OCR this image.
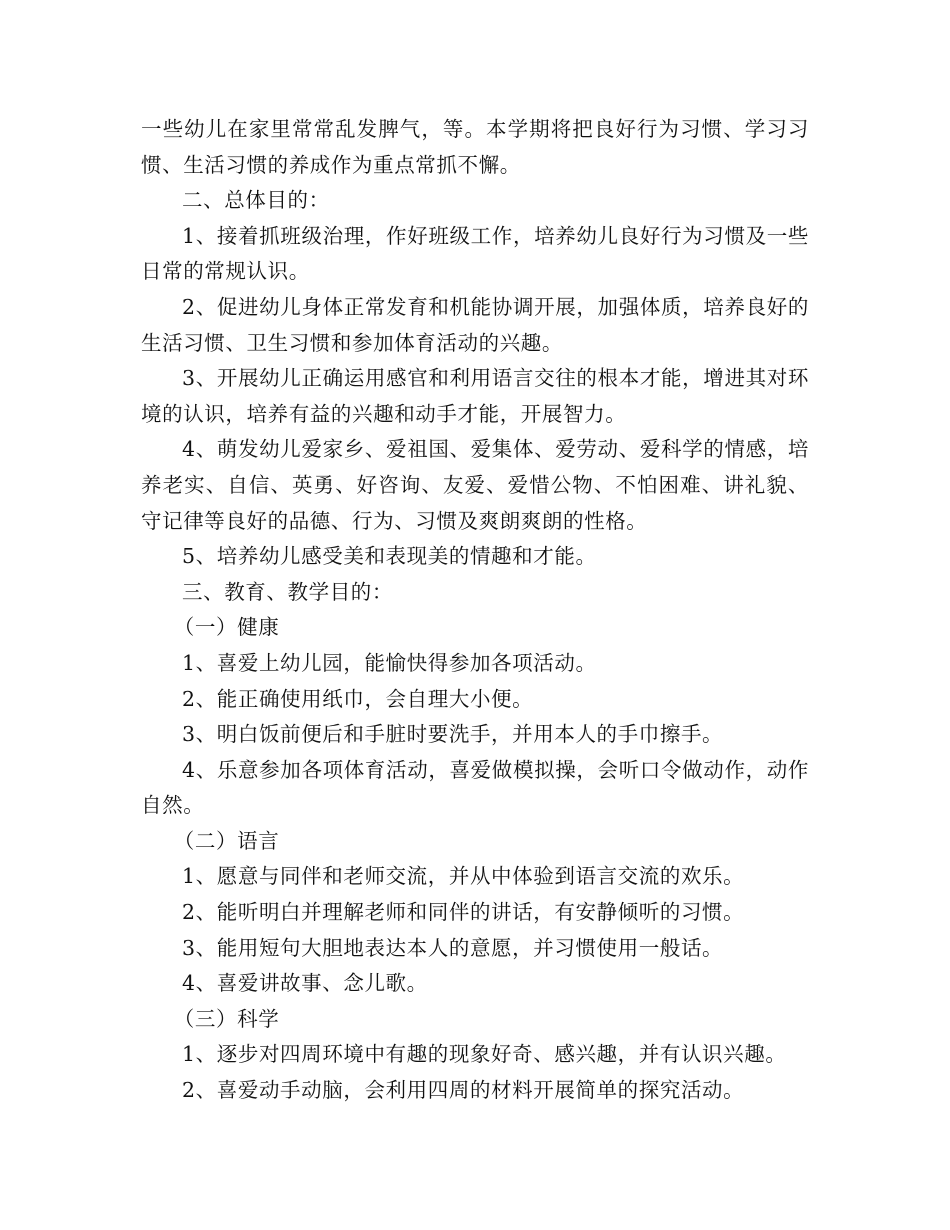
一些幼儿在家里常常乱发脾气，等。本学期将把良好行为习惯、学习习惯、生活习惯的养成作为重点常抓不懈。

二、总体目的：

1、接着抓班级治理，作好班级工作，培养幼儿良好行为习惯及一些日常的常规认识。

2、促进幼儿身体正常发育和机能协调开展，加强体质，培养良好的生活习惯、卫生习惯和参加体育活动的兴趣。

3、开展幼儿正确运用感官和利用语言交往的根本才能，增进其对环境的认识，培养有益的兴趣和动手才能，开展智力。

4、萌发幼儿爱家乡、爱祖国、爱集体、爱劳动、爱科学的情感，培养老实、自信、英勇、好咨询、友爱、爱惜公物、不怕困难、讲礼貌、守记律等良好的品德、行为、习惯及爽朗爽朗的性格。

5、培养幼儿感受美和表现美的情趣和才能。

三、教育、教学目的：

（一）健康

1、喜爱上幼儿园，能愉快得参加各项活动。

2、能正确使用纸巾，会自理大小便。

3、明白饭前便后和手脏时要洗手，并用本人的手巾擦手。

4、乐意参加各项体育活动，喜爱做模拟操，会听口令做动作，动作自然。

（二）语言

1、愿意与同伴和老师交流，并从中体验到语言交流的欢乐。

2、能听明白并理解老师和同伴的讲话，有安静倾听的习惯。

3、能用短句大胆地表达本人的意愿，并习惯使用一般话。

4、喜爱讲故事、念儿歌。

（三）科学

1、逐步对四周环境中有趣的现象好奇、感兴趣，并有认识兴趣。

2、喜爱动手动脑，会利用四周的材料开展简单的探究活动。
